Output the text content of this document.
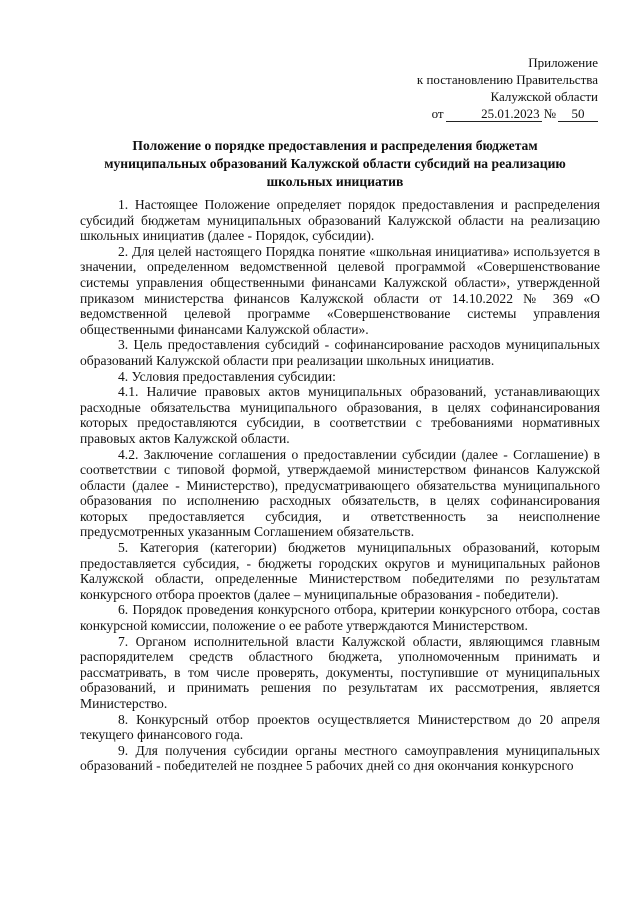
Приложение
к постановлению Правительства
Калужской области
от	25.01.2023 №	50
Положение о порядке предоставления и распределения бюджетам
муниципальных образований Калужской области субсидий на реализацию
школьных инициатив

1. Настоящее Положение определяет порядок предоставления и распределения субсидий бюджетам муниципальных образований Калужской области на реализацию школьных инициатив (далее - Порядок, субсидии).

2. Для целей настоящего Порядка понятие «школьная инициатива» используется в значении, определенном ведомственной целевой программой «Совершенствование системы управления общественными финансами Калужской области», утвержденной приказом министерства финансов Калужской области от 14.10.2022 № 369 «О ведомственной целевой программе «Совершенствование системы управления общественными финансами Калужской области».

3. Цель предоставления субсидий - софинансирование расходов муниципальных образований Калужской области при реализации школьных инициатив.

4. Условия предоставления субсидии:

4.1. Наличие правовых актов муниципальных образований, устанавливающих расходные обязательства муниципального образования, в целях софинансирования которых предоставляются субсидии, в соответствии с требованиями нормативных правовых актов Калужской области.

4.2. Заключение соглашения о предоставлении субсидии (далее - Соглашение) в соответствии с типовой формой, утверждаемой министерством финансов Калужской области (далее - Министерство), предусматривающего обязательства муниципального образования по исполнению расходных обязательств, в целях софинансирования которых предоставляется субсидия, и ответственность за неисполнение предусмотренных указанным Соглашением обязательств.

5. Категория (категории) бюджетов муниципальных образований, которым предоставляется субсидия, - бюджеты городских округов и муниципальных районов Калужской области, определенные Министерством победителями по результатам конкурсного отбора проектов (далее – муниципальные образования - победители).

6. Порядок проведения конкурсного отбора, критерии конкурсного отбора, состав конкурсной комиссии, положение о ее работе утверждаются Министерством.

7. Органом исполнительной власти Калужской области, являющимся главным распорядителем средств областного бюджета, уполномоченным принимать и рассматривать, в том числе проверять, документы, поступившие от муниципальных образований, и принимать решения по результатам их рассмотрения, является Министерство.

8. Конкурсный отбор проектов осуществляется Министерством до 20 апреля текущего финансового года.

9. Для получения субсидии органы местного самоуправления муниципальных образований - победителей не позднее 5 рабочих дней со дня окончания конкурсного
